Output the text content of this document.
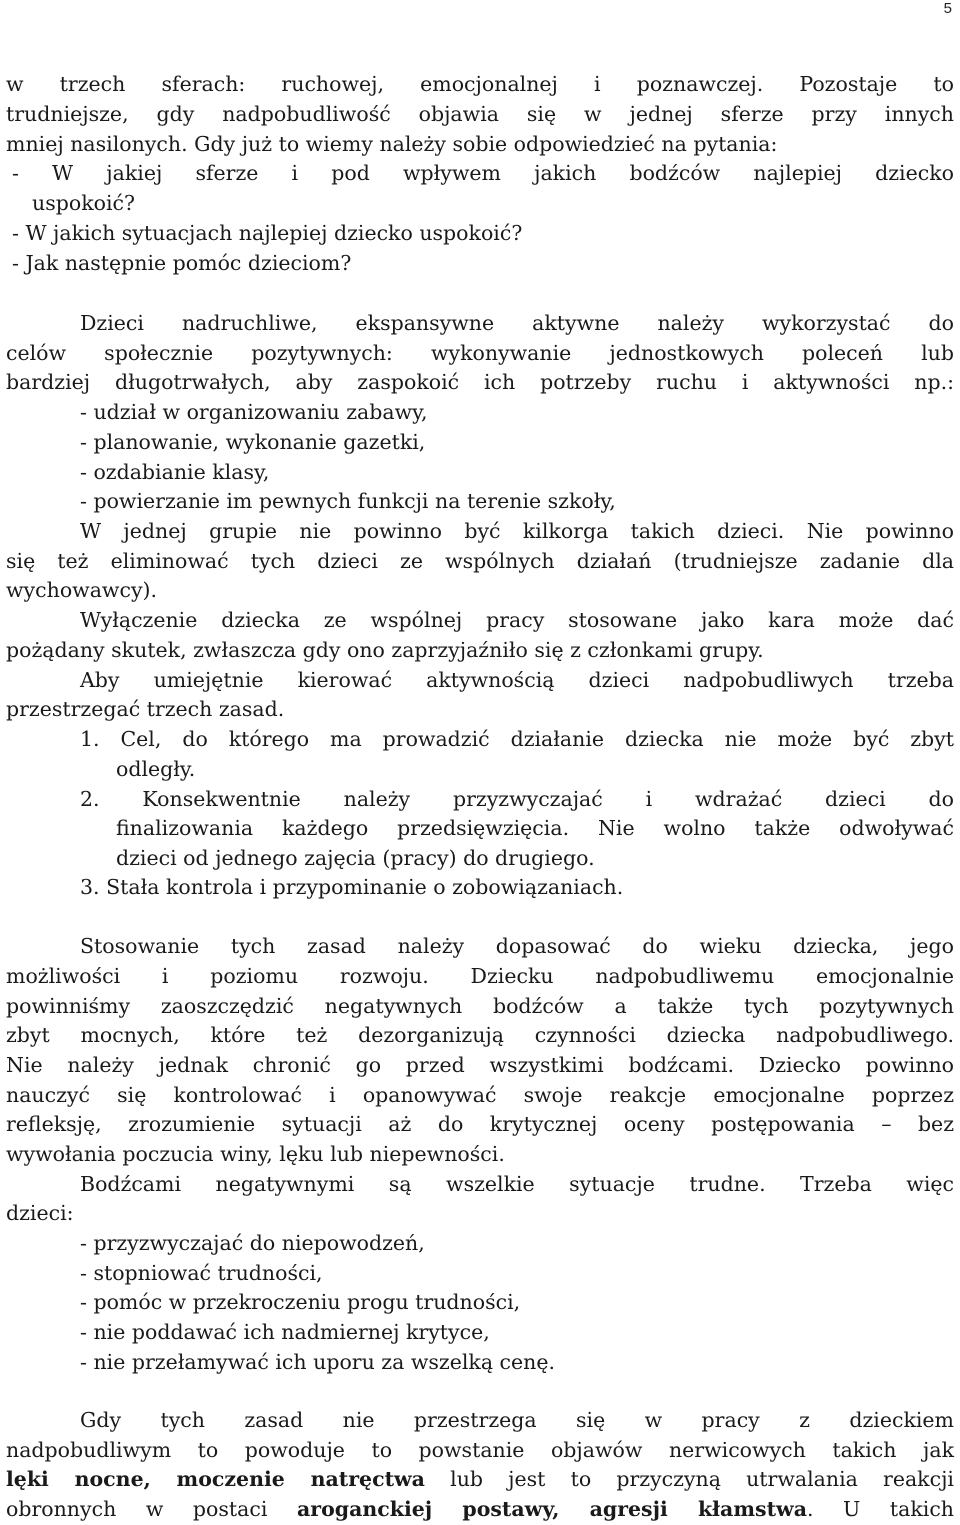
5
w trzech sferach: ruchowej, emocjonalnej i poznawczej. Pozostaje to
trudniejsze, gdy nadpobudliwość objawia się w jednej sferze przy innych
mniej nasilonych. Gdy już to wiemy należy sobie odpowiedzieć na pytania:
- W jakiej sferze i pod wpływem jakich bodźców najlepiej dziecko
uspokoić?
- W jakich sytuacjach najlepiej dziecko uspokoić?
- Jak następnie pomóc dzieciom?
Dzieci nadruchliwe, ekspansywne aktywne należy wykorzystać do
celów społecznie pozytywnych: wykonywanie jednostkowych poleceń lub
bardziej długotrwałych, aby zaspokoić ich potrzeby ruchu i aktywności np.:
- udział w organizowaniu zabawy,
- planowanie, wykonanie gazetki,
- ozdabianie klasy,
- powierzanie im pewnych funkcji na terenie szkoły,
W jednej grupie nie powinno być kilkorga takich dzieci. Nie powinno
się też eliminować tych dzieci ze wspólnych działań (trudniejsze zadanie dla
wychowawcy).
Wyłączenie dziecka ze wspólnej pracy stosowane jako kara może dać
pożądany skutek, zwłaszcza gdy ono zaprzyjaźniło się z członkami grupy.
Aby umiejętnie kierować aktywnością dzieci nadpobudliwych trzeba
przestrzegać trzech zasad.
1. Cel, do którego ma prowadzić działanie dziecka nie może być zbyt
odległy.
2. Konsekwentnie należy przyzwyczajać i wdrażać dzieci do
finalizowania każdego przedsięwzięcia. Nie wolno także odwoływać
dzieci od jednego zajęcia (pracy) do drugiego.
3. Stała kontrola i przypominanie o zobowiązaniach.
Stosowanie tych zasad należy dopasować do wieku dziecka, jego
możliwości i poziomu rozwoju. Dziecku nadpobudliwemu emocjonalnie
powinniśmy zaoszczędzić negatywnych bodźców a także tych pozytywnych
zbyt mocnych, które też dezorganizują czynności dziecka nadpobudliwego.
Nie należy jednak chronić go przed wszystkimi bodźcami. Dziecko powinno
nauczyć się kontrolować i opanowywać swoje reakcje emocjonalne poprzez
refleksję, zrozumienie sytuacji aż do krytycznej oceny postępowania – bez
wywołania poczucia winy, lęku lub niepewności.
Bodźcami negatywnymi są wszelkie sytuacje trudne. Trzeba więc
dzieci:
- przyzwyczajać do niepowodzeń,
- stopniować trudności,
- pomóc w przekroczeniu progu trudności,
- nie poddawać ich nadmiernej krytyce,
- nie przełamywać ich uporu za wszelką cenę.
Gdy tych zasad nie przestrzega się w pracy z dzieckiem
nadpobudliwym to powoduje to powstanie objawów nerwicowych takich jak
lęki nocne, moczenie natręctwa lub jest to przyczyną utrwalania reakcji
obronnych w postaci aroganckiej postawy, agresji kłamstwa. U takich
